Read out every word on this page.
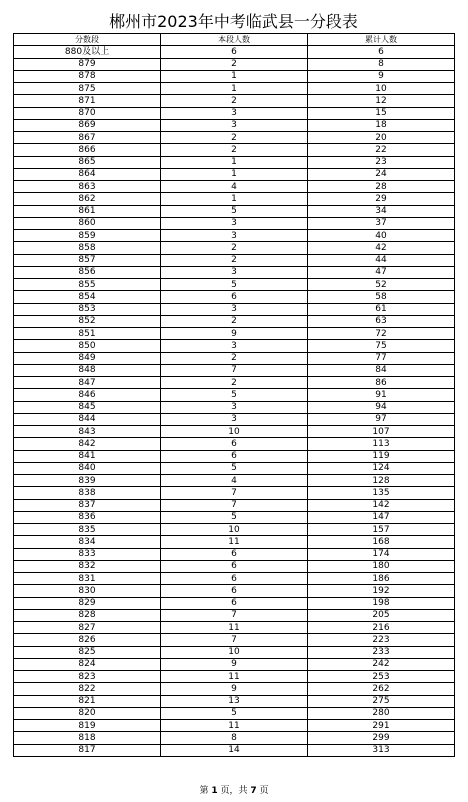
郴州市2023年中考临武县一分段表
分数段	本段人数	累计人数
880及以上	6	6
879	2	8
878	1	9
875	1	10
871	2	12
870	3	15
869	3	18
867	2	20
866	2	22
865	1	23
864	1	24
863	4	28
862	1	29
861	5	34
860	3	37
859	3	40
858	2	42
857	2	44
856	3	47
855	5	52
854	6	58
853	3	61
852	2	63
851	9	72
850	3	75
849	2	77
848	7	84
847	2	86
846	5	91
845	3	94
844	3	97
843	10	107
842	6	113
841	6	119
840	5	124
839	4	128
838	7	135
837	7	142
836	5	147
835	10	157
834	11	168
833	6	174
832	6	180
831	6	186
830	6	192
829	6	198
828	7	205
827	11	216
826	7	223
825	10	233
824	9	242
823	11	253
822	9	262
821	13	275
820	5	280
819	11	291
818	8	299
817	14	313
第 1 页，共 7 页
